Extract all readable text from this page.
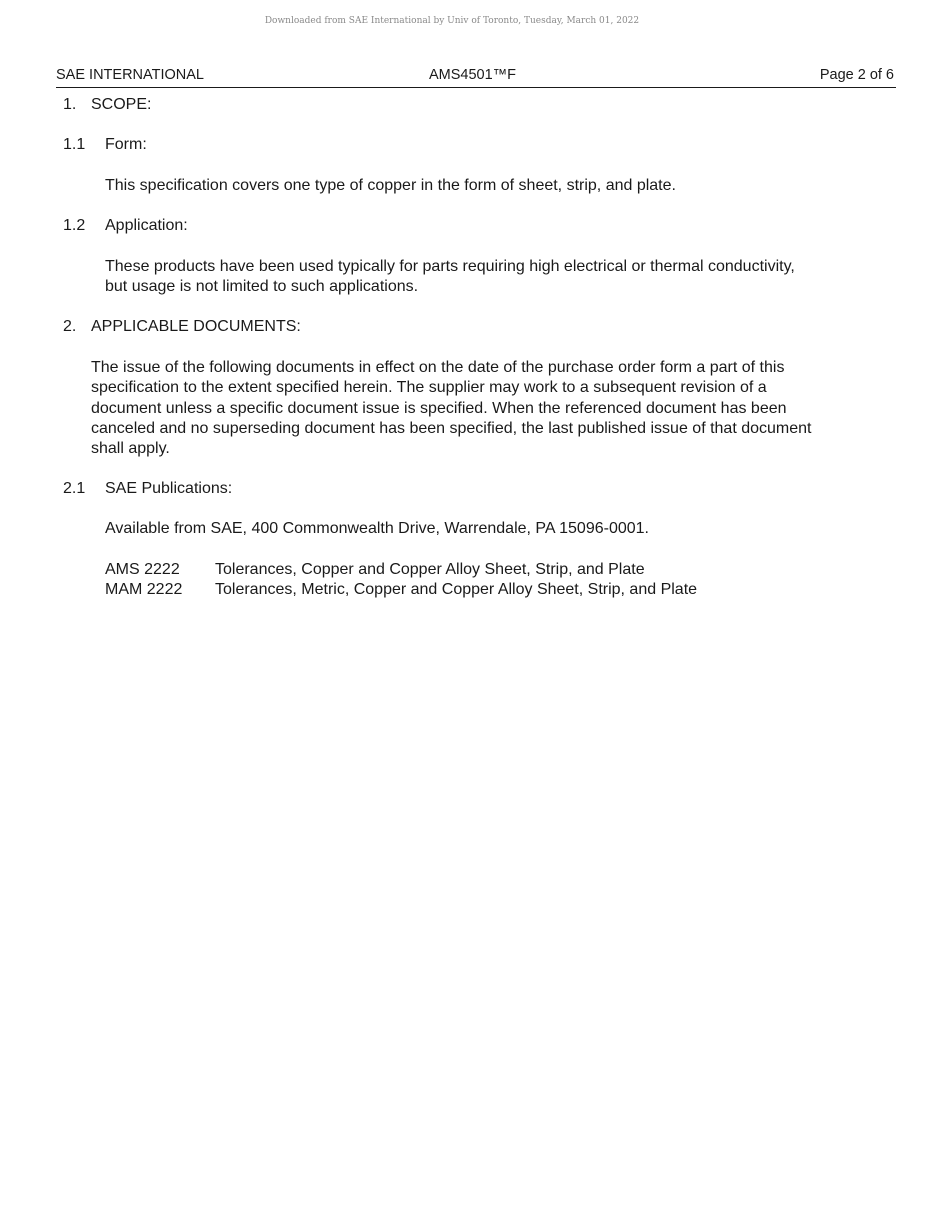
Downloaded from SAE International by Univ of Toronto, Tuesday, March 01, 2022
SAE INTERNATIONAL	AMS4501™F	Page 2 of 6
1. SCOPE:
1.1 Form:
This specification covers one type of copper in the form of sheet, strip, and plate.
1.2 Application:
These products have been used typically for parts requiring high electrical or thermal conductivity,
but usage is not limited to such applications.
2. APPLICABLE DOCUMENTS:
The issue of the following documents in effect on the date of the purchase order form a part of this
specification to the extent specified herein. The supplier may work to a subsequent revision of a
document unless a specific document issue is specified. When the referenced document has been
canceled and no superseding document has been specified, the last published issue of that document
shall apply.
2.1 SAE Publications:
Available from SAE, 400 Commonwealth Drive, Warrendale, PA 15096-0001.
AMS 2222 Tolerances, Copper and Copper Alloy Sheet, Strip, and Plate
MAM 2222 Tolerances, Metric, Copper and Copper Alloy Sheet, Strip, and Plate
